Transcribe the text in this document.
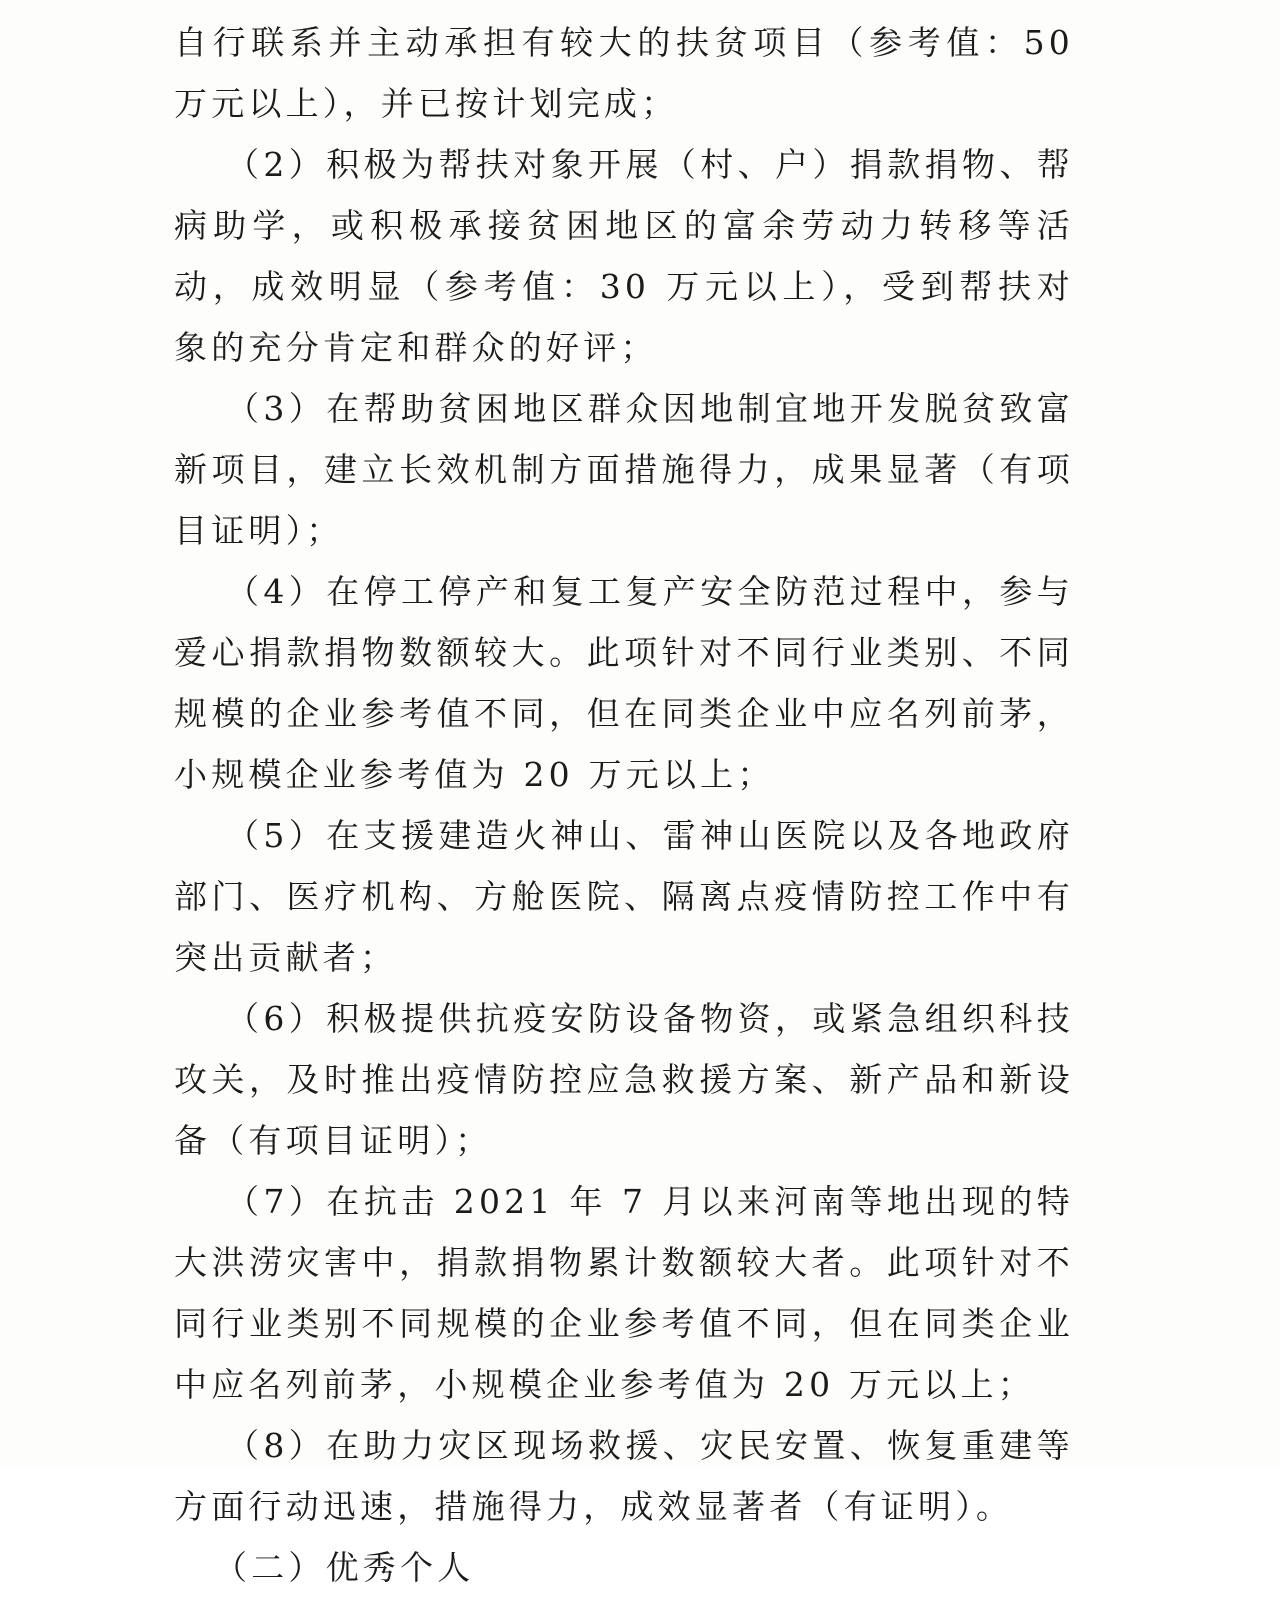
自行联系并主动承担有较大的扶贫项目（参考值：50 万元以上），并已按计划完成；

（2）积极为帮扶对象开展（村、户）捐款捐物、帮病助学，或积极承接贫困地区的富余劳动力转移等活动，成效明显（参考值：30 万元以上），受到帮扶对象的充分肯定和群众的好评；

（3）在帮助贫困地区群众因地制宜地开发脱贫致富新项目，建立长效机制方面措施得力，成果显著（有项目证明）；

（4）在停工停产和复工复产安全防范过程中，参与爱心捐款捐物数额较大。此项针对不同行业类别、不同规模的企业参考值不同，但在同类企业中应名列前茅，小规模企业参考值为 20 万元以上；

（5）在支援建造火神山、雷神山医院以及各地政府部门、医疗机构、方舱医院、隔离点疫情防控工作中有突出贡献者；

（6）积极提供抗疫安防设备物资，或紧急组织科技攻关，及时推出疫情防控应急救援方案、新产品和新设备（有项目证明）；

（7）在抗击 2021 年 7 月以来河南等地出现的特大洪涝灾害中，捐款捐物累计数额较大者。此项针对不同行业类别不同规模的企业参考值不同，但在同类企业中应名列前茅，小规模企业参考值为 20 万元以上；

（8）在助力灾区现场救援、灾民安置、恢复重建等方面行动迅速，措施得力，成效显著者（有证明）。

（二）优秀个人
